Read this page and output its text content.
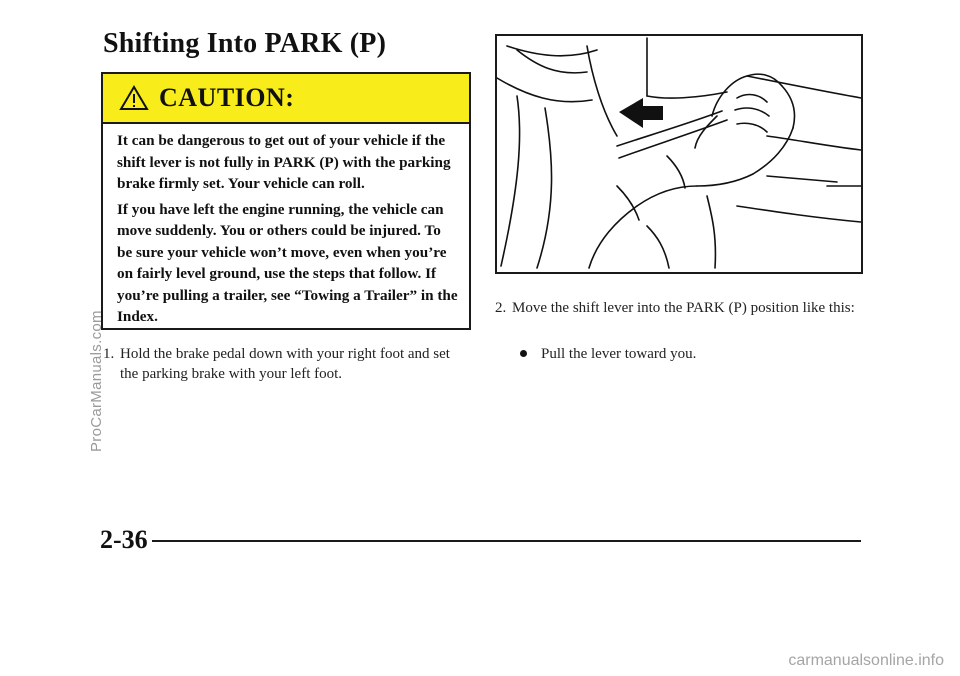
Shifting Into PARK (P)
CAUTION:

It can be dangerous to get out of your vehicle if the shift lever is not fully in PARK (P) with the parking brake firmly set. Your vehicle can roll.

If you have left the engine running, the vehicle can move suddenly. You or others could be injured. To be sure your vehicle won’t move, even when you’re on fairly level ground, use the steps that follow. If you’re pulling a trailer, see “Towing a Trailer” in the Index.

1. Hold the brake pedal down with your right foot and set the parking brake with your left foot.
2. Move the shift lever into the PARK (P) position like this:
Pull the lever toward you.
2-36
ProCarManuals.com
carmanualsonline.info
